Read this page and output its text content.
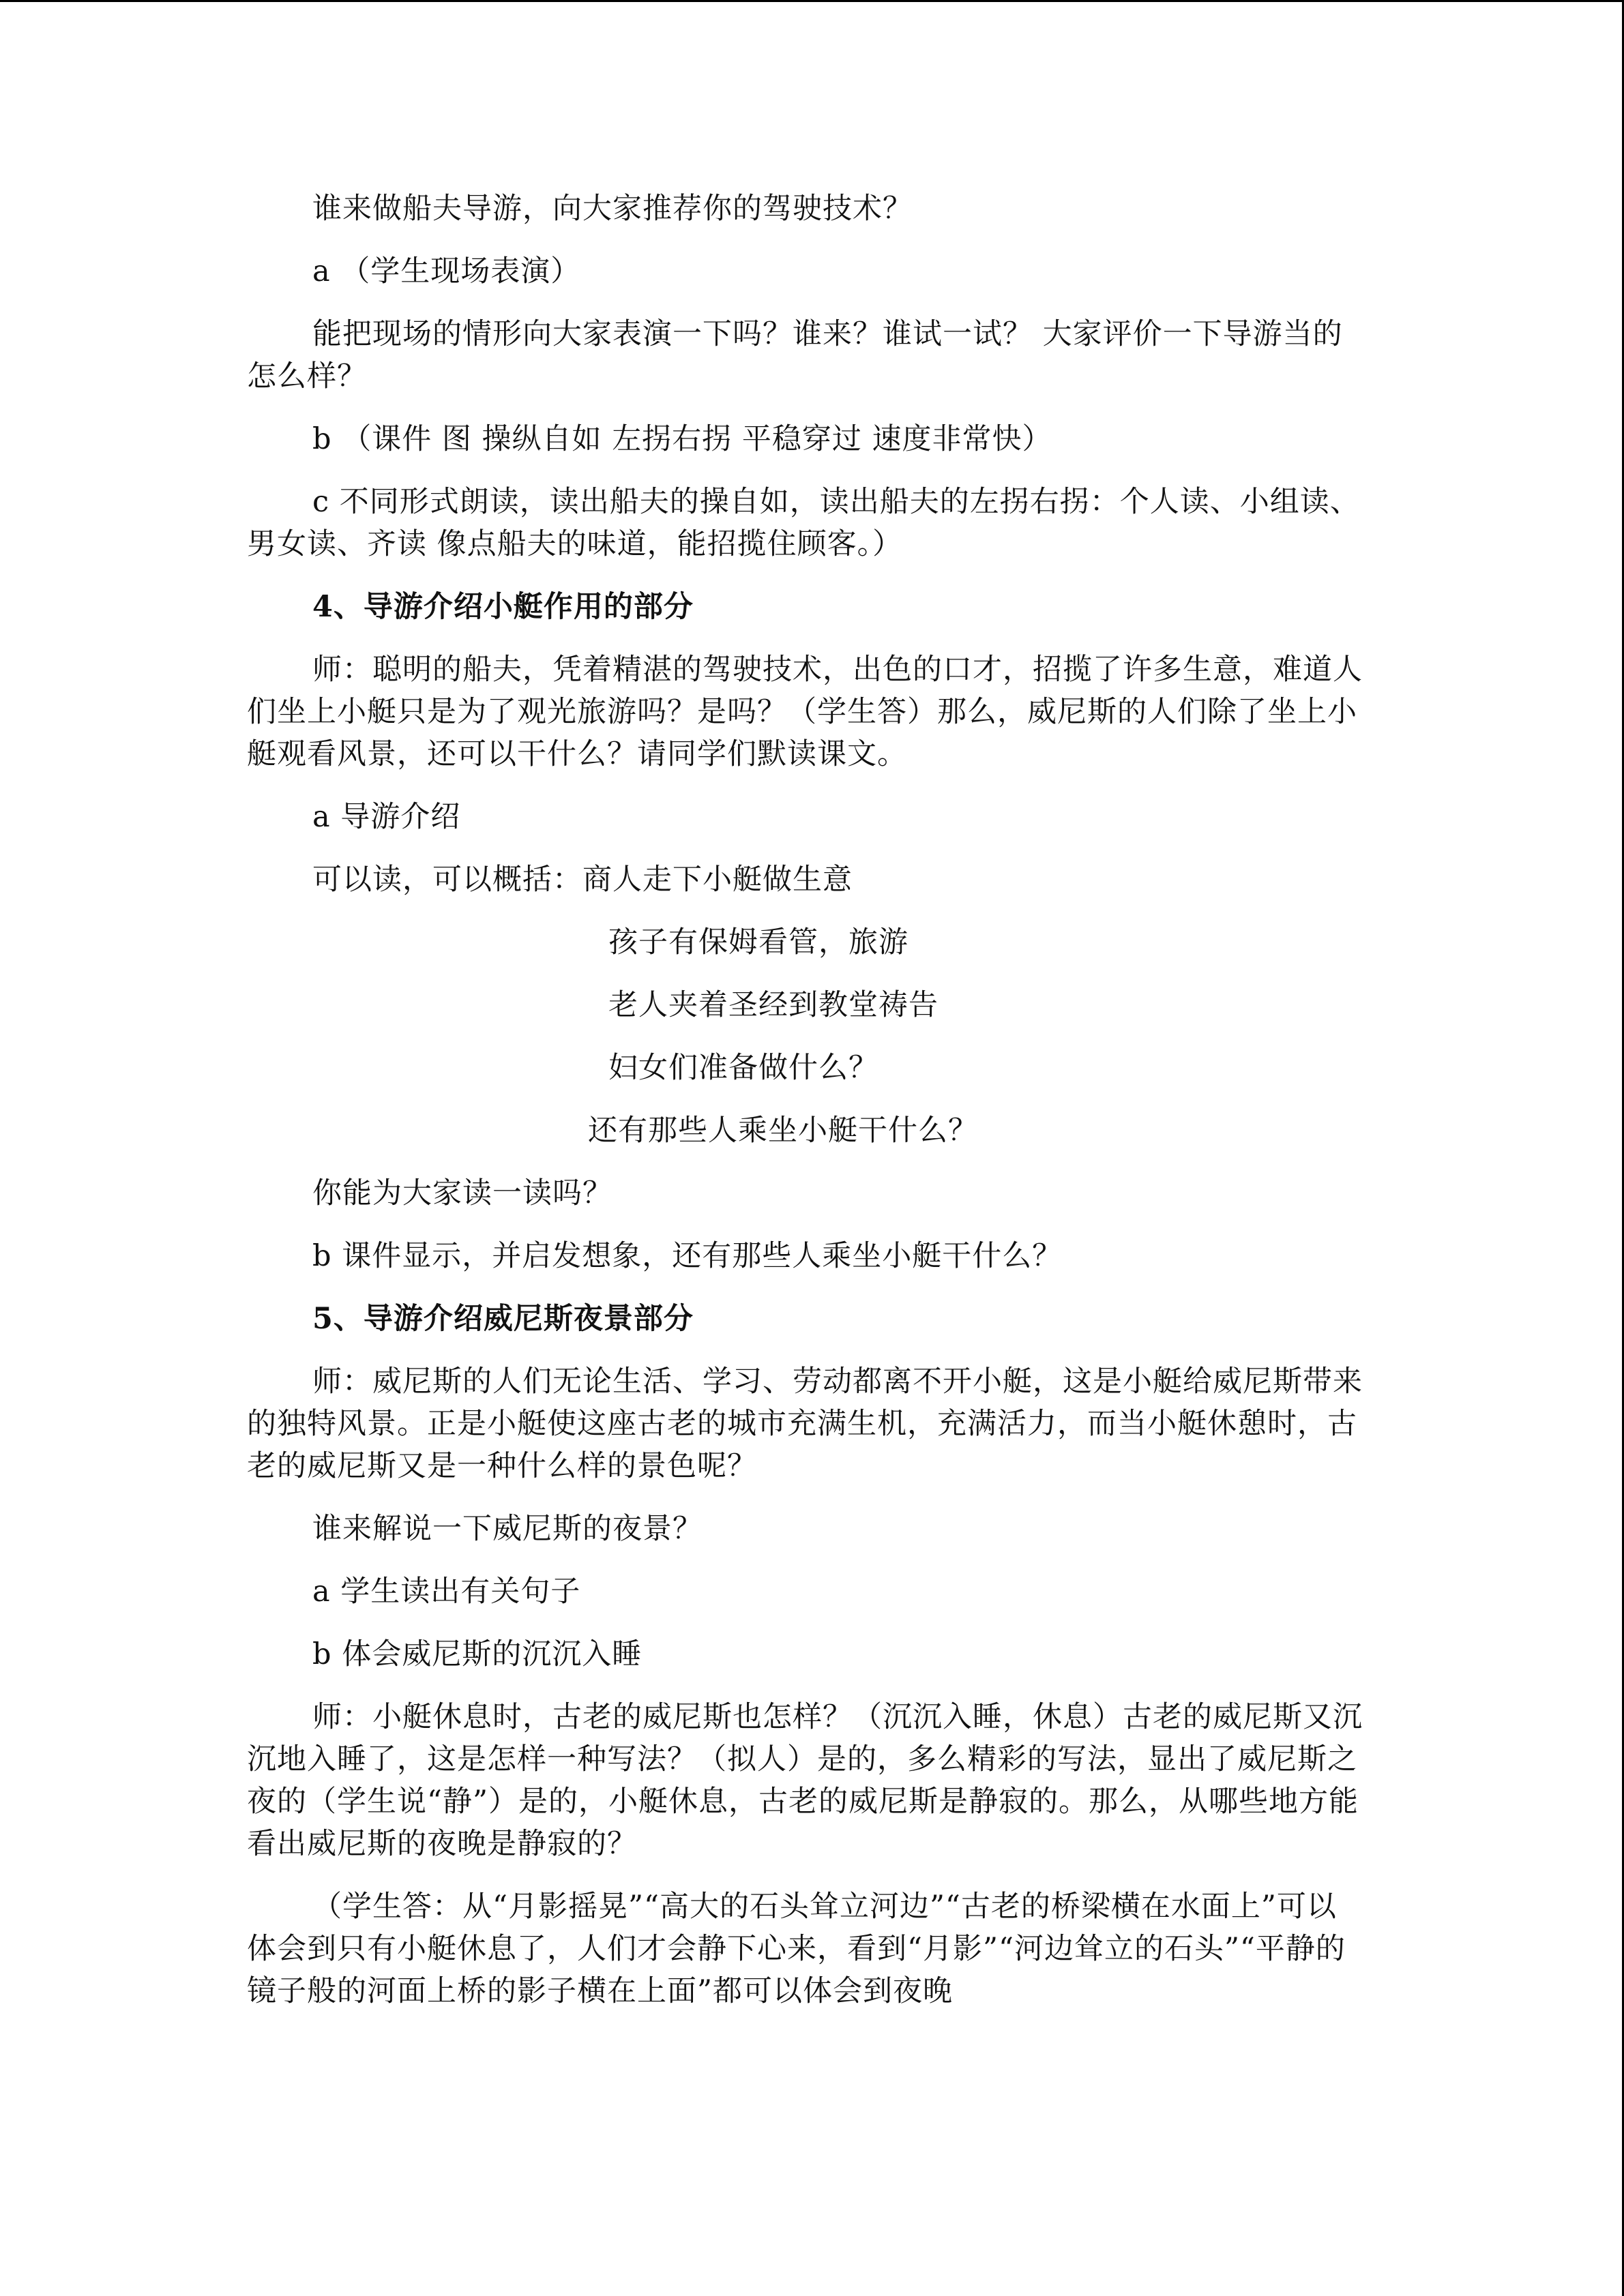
谁来做船夫导游，向大家推荐你的驾驶技术？

a （学生现场表演）

能把现场的情形向大家表演一下吗？谁来？谁试一试？ 大家评价一下导游当的怎么样？

b （课件 图 操纵自如 左拐右拐 平稳穿过 速度非常快）

c 不同形式朗读，读出船夫的操自如，读出船夫的左拐右拐：个人读、小组读、男女读、齐读 像点船夫的味道，能招揽住顾客。）

4、导游介绍小艇作用的部分

师：聪明的船夫，凭着精湛的驾驶技术，出色的口才，招揽了许多生意，难道人们坐上小艇只是为了观光旅游吗？是吗？（学生答）那么，威尼斯的人们除了坐上小艇观看风景，还可以干什么？请同学们默读课文。

a 导游介绍

可以读，可以概括：商人走下小艇做生意
孩子有保姆看管，旅游
老人夹着圣经到教堂祷告
妇女们准备做什么？
还有那些人乘坐小艇干什么？

你能为大家读一读吗？

b 课件显示，并启发想象，还有那些人乘坐小艇干什么？

5、导游介绍威尼斯夜景部分

师：威尼斯的人们无论生活、学习、劳动都离不开小艇，这是小艇给威尼斯带来的独特风景。正是小艇使这座古老的城市充满生机，充满活力，而当小艇休憩时，古老的威尼斯又是一种什么样的景色呢？

谁来解说一下威尼斯的夜景？

a 学生读出有关句子

b 体会威尼斯的沉沉入睡

师：小艇休息时，古老的威尼斯也怎样？（沉沉入睡，休息）古老的威尼斯又沉沉地入睡了，这是怎样一种写法？（拟人）是的，多么精彩的写法，显出了威尼斯之夜的（学生说“静”）是的，小艇休息，古老的威尼斯是静寂的。那么，从哪些地方能看出威尼斯的夜晚是静寂的？

（学生答：从“月影摇晃”“高大的石头耸立河边”“古老的桥梁横在水面上”可以体会到只有小艇休息了，人们才会静下心来，看到“月影”“河边耸立的石头”“平静的镜子般的河面上桥的影子横在上面”都可以体会到夜晚
